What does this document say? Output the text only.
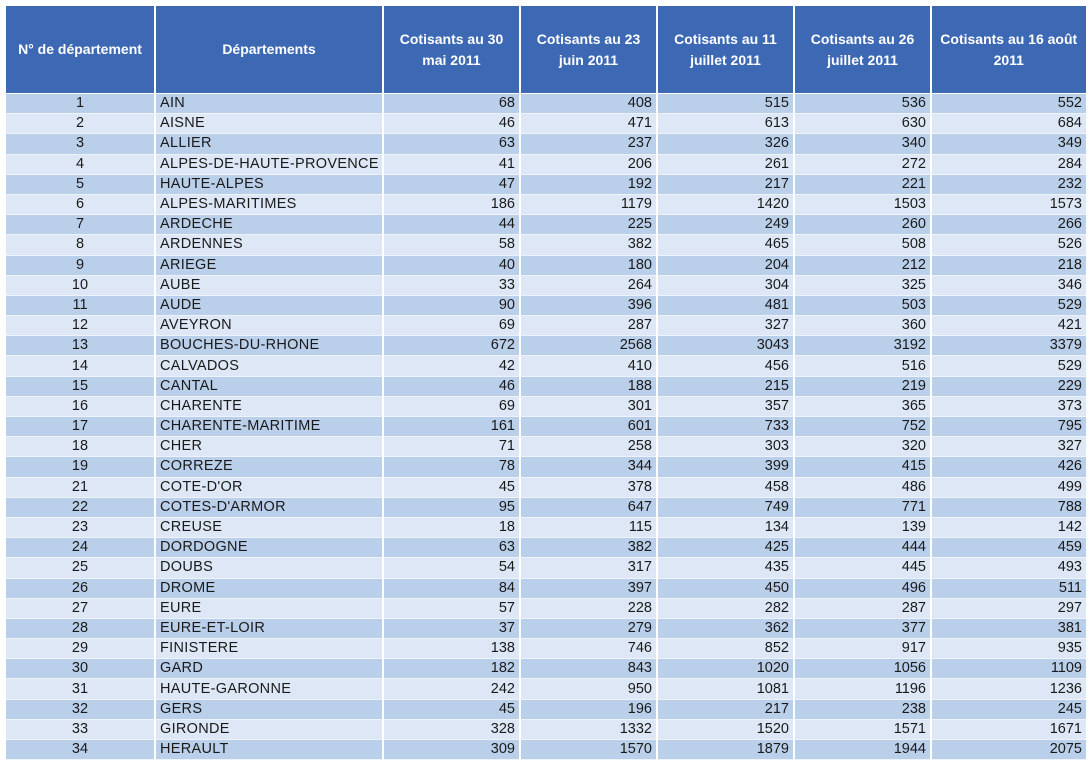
N° de département	Départements	Cotisants au 30 mai 2011	Cotisants au 23 juin 2011	Cotisants au 11 juillet 2011	Cotisants au 26 juillet 2011	Cotisants au 16 août 2011
1	AIN	68	408	515	536	552
2	AISNE	46	471	613	630	684
3	ALLIER	63	237	326	340	349
4	ALPES-DE-HAUTE-PROVENCE	41	206	261	272	284
5	HAUTE-ALPES	47	192	217	221	232
6	ALPES-MARITIMES	186	1179	1420	1503	1573
7	ARDECHE	44	225	249	260	266
8	ARDENNES	58	382	465	508	526
9	ARIEGE	40	180	204	212	218
10	AUBE	33	264	304	325	346
11	AUDE	90	396	481	503	529
12	AVEYRON	69	287	327	360	421
13	BOUCHES-DU-RHONE	672	2568	3043	3192	3379
14	CALVADOS	42	410	456	516	529
15	CANTAL	46	188	215	219	229
16	CHARENTE	69	301	357	365	373
17	CHARENTE-MARITIME	161	601	733	752	795
18	CHER	71	258	303	320	327
19	CORREZE	78	344	399	415	426
21	COTE-D'OR	45	378	458	486	499
22	COTES-D'ARMOR	95	647	749	771	788
23	CREUSE	18	115	134	139	142
24	DORDOGNE	63	382	425	444	459
25	DOUBS	54	317	435	445	493
26	DROME	84	397	450	496	511
27	EURE	57	228	282	287	297
28	EURE-ET-LOIR	37	279	362	377	381
29	FINISTERE	138	746	852	917	935
30	GARD	182	843	1020	1056	1109
31	HAUTE-GARONNE	242	950	1081	1196	1236
32	GERS	45	196	217	238	245
33	GIRONDE	328	1332	1520	1571	1671
34	HERAULT	309	1570	1879	1944	2075
